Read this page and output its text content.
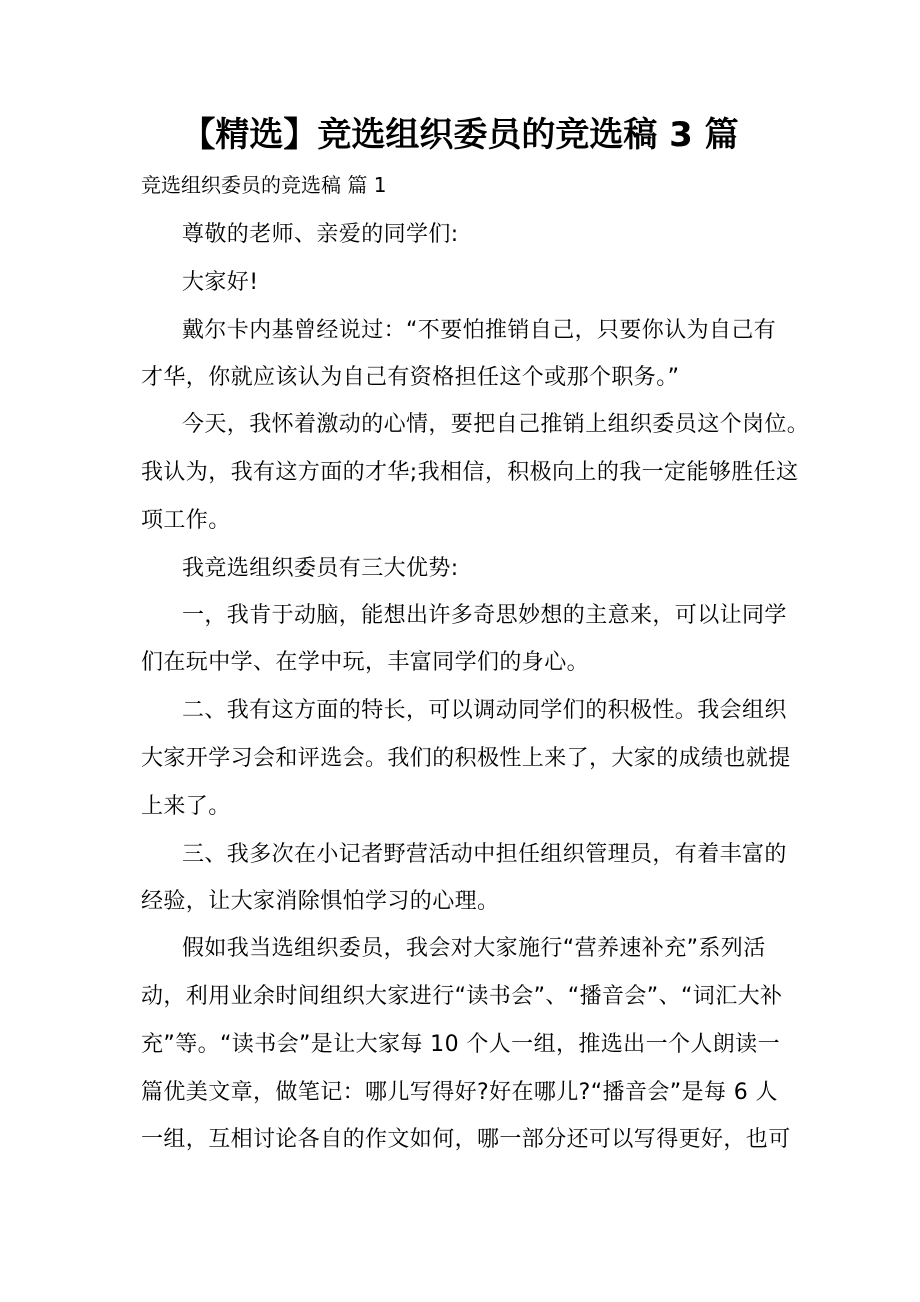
【精选】竞选组织委员的竞选稿 3 篇

竞选组织委员的竞选稿 篇 1

尊敬的老师、亲爱的同学们:

大家好!

戴尔卡内基曾经说过：“不要怕推销自己，只要你认为自己有

才华，你就应该认为自己有资格担任这个或那个职务。”

今天，我怀着激动的心情，要把自己推销上组织委员这个岗位。

我认为，我有这方面的才华;我相信，积极向上的我一定能够胜任这

项工作。

我竞选组织委员有三大优势:

一，我肯于动脑，能想出许多奇思妙想的主意来，可以让同学

们在玩中学、在学中玩，丰富同学们的身心。

二、我有这方面的特长，可以调动同学们的积极性。我会组织

大家开学习会和评选会。我们的积极性上来了，大家的成绩也就提

上来了。

三、我多次在小记者野营活动中担任组织管理员，有着丰富的

经验，让大家消除惧怕学习的心理。

假如我当选组织委员，我会对大家施行“营养速补充”系列活

动，利用业余时间组织大家进行“读书会”、“播音会”、“词汇大补

充”等。“读书会”是让大家每 10 个人一组，推选出一个人朗读一

篇优美文章，做笔记：哪儿写得好?好在哪儿?“播音会”是每 6 人

一组，互相讨论各自的作文如何，哪一部分还可以写得更好，也可
